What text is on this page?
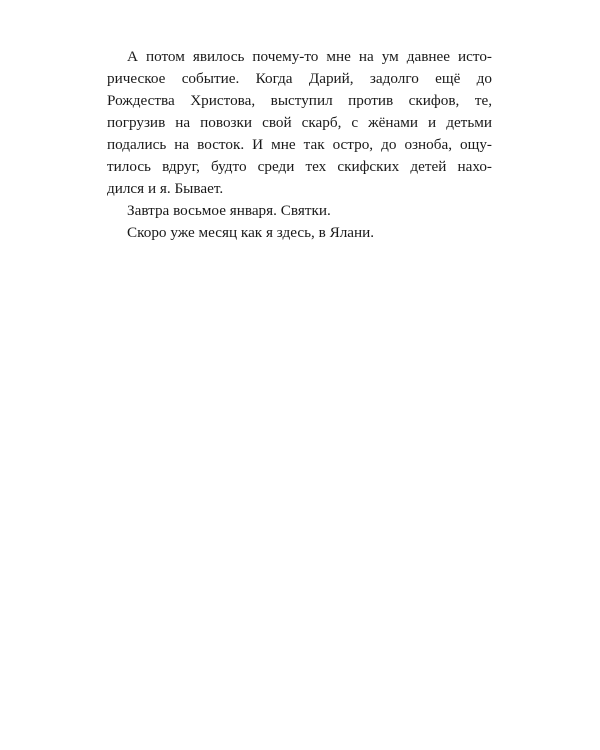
А потом явилось почему-то мне на ум давнее исто-
рическое событие. Когда Дарий, задолго ещё до
Рождества Христова, выступил против скифов, те,
погрузив на повозки свой скарб, с жёнами и детьми
подались на восток. И мне так остро, до озноба, ощу-
тилось вдруг, будто среди тех скифских детей нахо-
дился и я. Бывает.
Завтра восьмое января. Святки.
Скоро уже месяц как я здесь, в Ялани.
